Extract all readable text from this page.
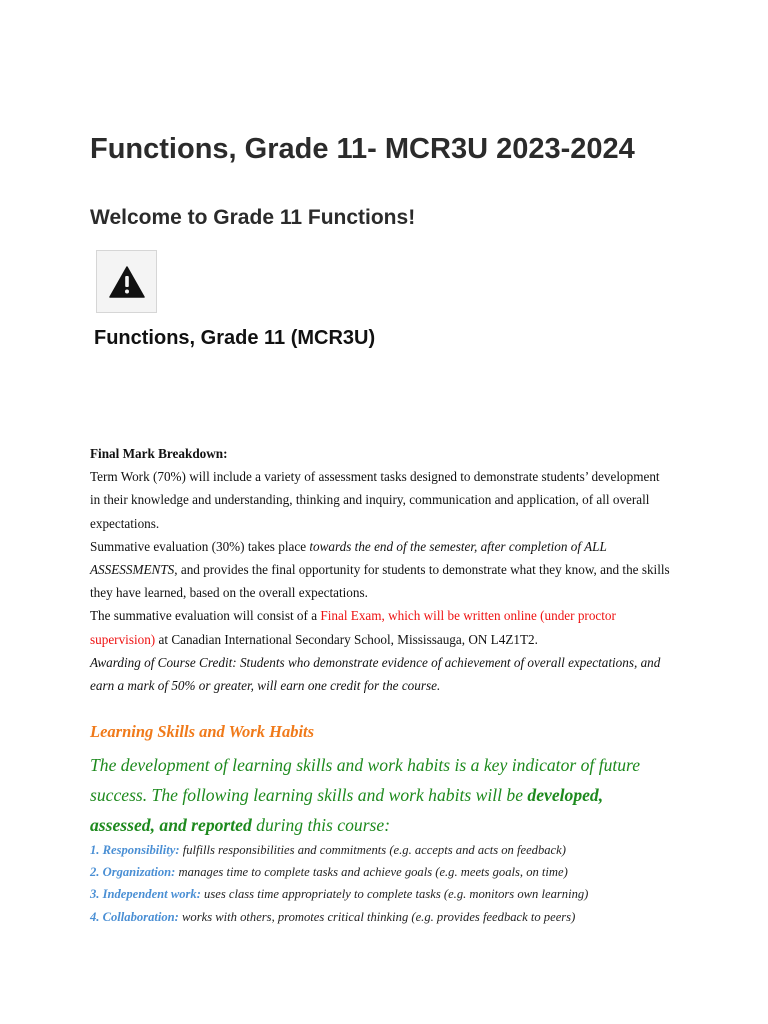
Functions, Grade 11- MCR3U 2023-2024
Welcome to Grade 11 Functions!
Functions, Grade 11 (MCR3U)

Final Mark Breakdown:

Term Work (70%) will include a variety of assessment tasks designed to demonstrate students’ development in their knowledge and understanding, thinking and inquiry, communication and application, of all overall expectations.

Summative evaluation (30%) takes place towards the end of the semester, after completion of ALL ASSESSMENTS, and provides the final opportunity for students to demonstrate what they know, and the skills they have learned, based on the overall expectations.

The summative evaluation will consist of a Final Exam, which will be written online (under proctor supervision) at Canadian International Secondary School, Mississauga, ON L4Z1T2.

Awarding of Course Credit: Students who demonstrate evidence of achievement of overall expectations, and earn a mark of 50% or greater, will earn one credit for the course.

Learning Skills and Work Habits

The development of learning skills and work habits is a key indicator of future success. The following learning skills and work habits will be developed, assessed, and reported during this course:

1. Responsibility: fulfills responsibilities and commitments (e.g. accepts and acts on feedback)
2. Organization: manages time to complete tasks and achieve goals (e.g. meets goals, on time)
3. Independent work: uses class time appropriately to complete tasks (e.g. monitors own learning)
4. Collaboration: works with others, promotes critical thinking (e.g. provides feedback to peers)
